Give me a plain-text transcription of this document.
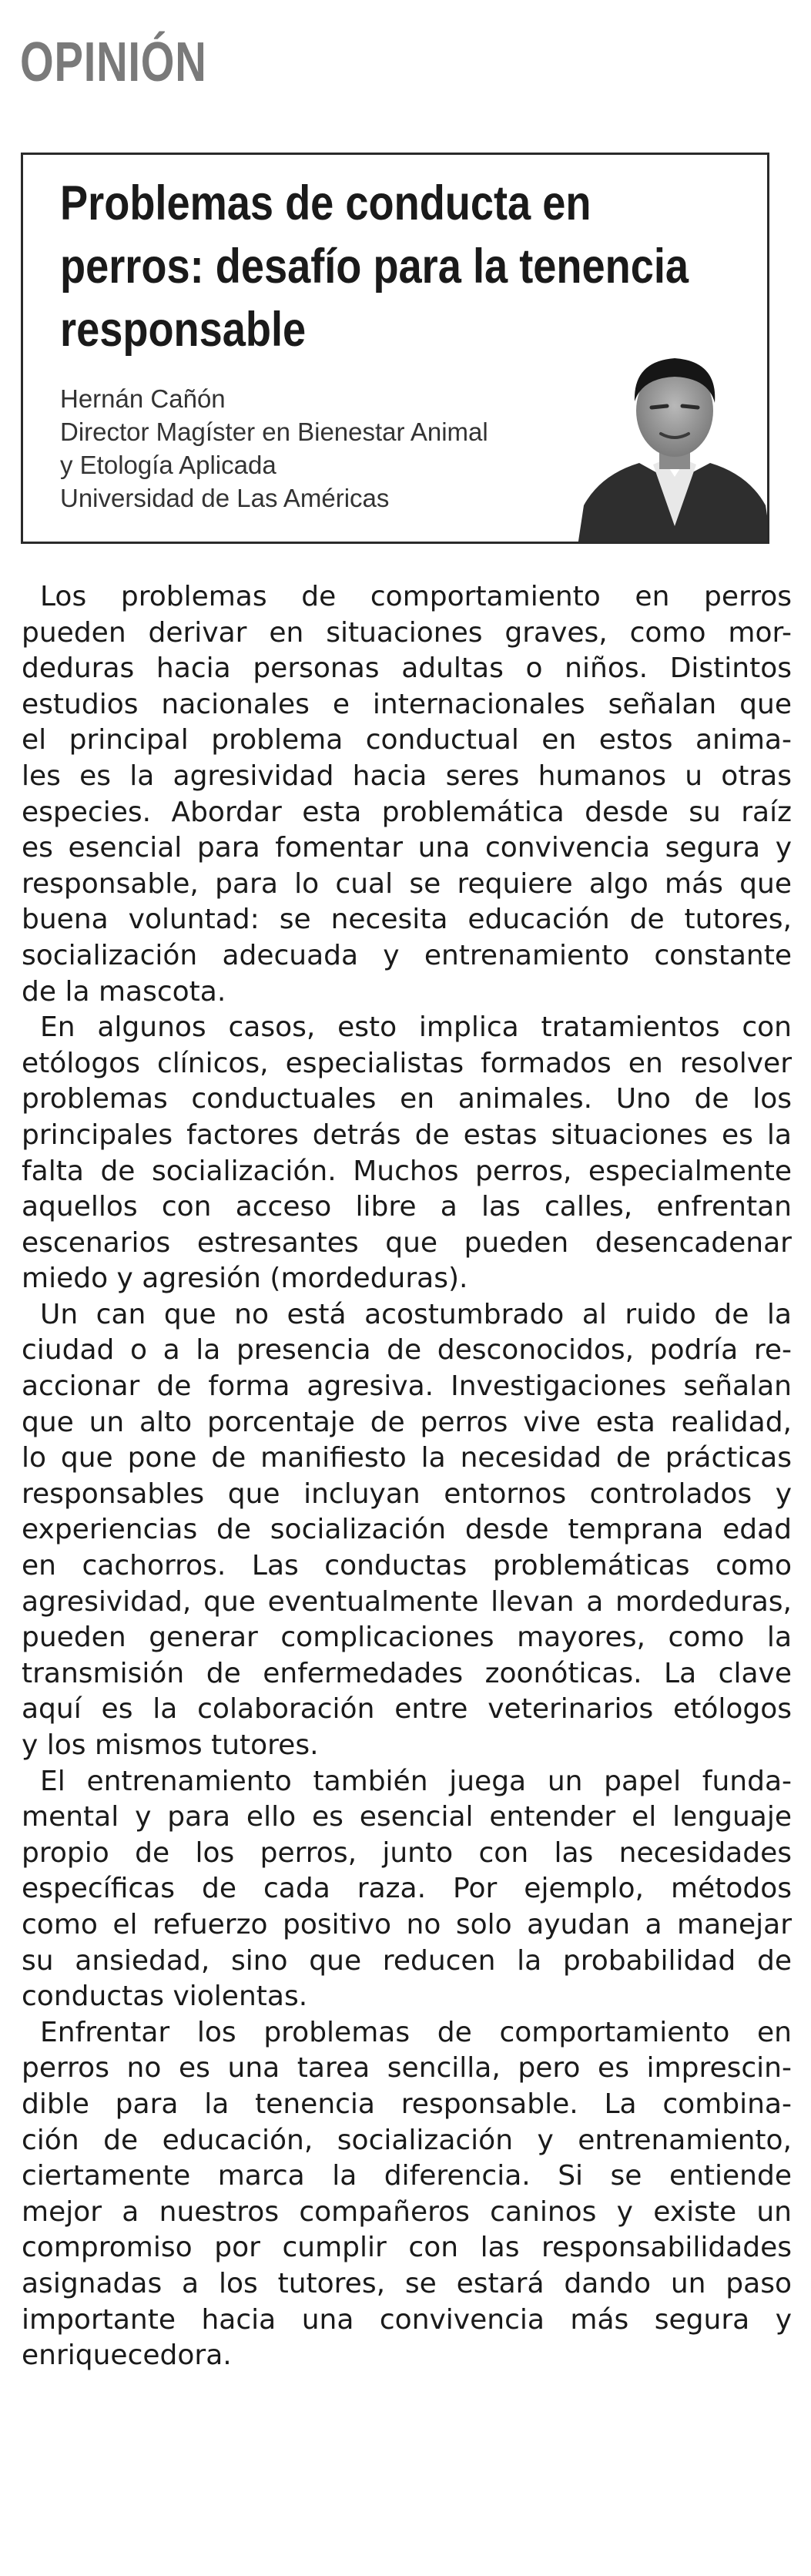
OPINIÓN
Problemas de conducta en
perros: desafío para la tenencia
responsable
Hernán Cañón
Director Magíster en Bienestar Animal
y Etología Aplicada
Universidad de Las Américas
Los problemas de comportamiento en perros
pueden derivar en situaciones graves, como mor-
deduras hacia personas adultas o niños. Distintos
estudios nacionales e internacionales señalan que
el principal problema conductual en estos anima-
les es la agresividad hacia seres humanos u otras
especies. Abordar esta problemática desde su raíz
es esencial para fomentar una convivencia segura y
responsable, para lo cual se requiere algo más que
buena voluntad: se necesita educación de tutores,
socialización adecuada y entrenamiento constante
de la mascota.
En algunos casos, esto implica tratamientos con
etólogos clínicos, especialistas formados en resolver
problemas conductuales en animales. Uno de los
principales factores detrás de estas situaciones es la
falta de socialización. Muchos perros, especialmente
aquellos con acceso libre a las calles, enfrentan
escenarios estresantes que pueden desencadenar
miedo y agresión (mordeduras).
Un can que no está acostumbrado al ruido de la
ciudad o a la presencia de desconocidos, podría re-
accionar de forma agresiva. Investigaciones señalan
que un alto porcentaje de perros vive esta realidad,
lo que pone de manifiesto la necesidad de prácticas
responsables que incluyan entornos controlados y
experiencias de socialización desde temprana edad
en cachorros. Las conductas problemáticas como
agresividad, que eventualmente llevan a mordeduras,
pueden generar complicaciones mayores, como la
transmisión de enfermedades zoonóticas. La clave
aquí es la colaboración entre veterinarios etólogos
y los mismos tutores.
El entrenamiento también juega un papel funda-
mental y para ello es esencial entender el lenguaje
propio de los perros, junto con las necesidades
específicas de cada raza. Por ejemplo, métodos
como el refuerzo positivo no solo ayudan a manejar
su ansiedad, sino que reducen la probabilidad de
conductas violentas.
Enfrentar los problemas de comportamiento en
perros no es una tarea sencilla, pero es imprescin-
dible para la tenencia responsable. La combina-
ción de educación, socialización y entrenamiento,
ciertamente marca la diferencia. Si se entiende
mejor a nuestros compañeros caninos y existe un
compromiso por cumplir con las responsabilidades
asignadas a los tutores, se estará dando un paso
importante hacia una convivencia más segura y
enriquecedora.
